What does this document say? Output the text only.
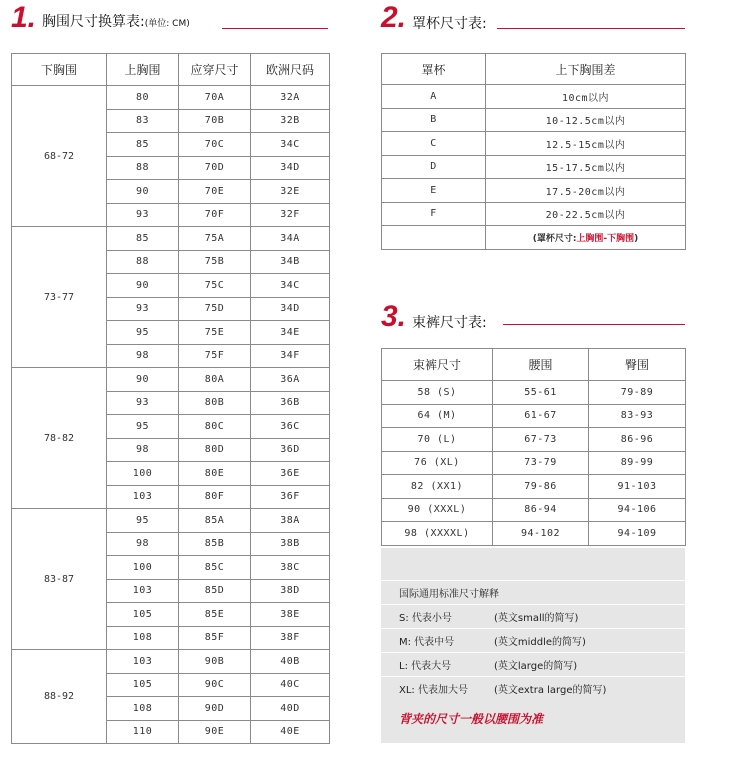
1. 胸围尺寸换算表:(单位: CM)
下胸围	上胸围	应穿尺寸	欧洲尺码
68-72	80	70A	32A
	83	70B	32B
	85	70C	34C
	88	70D	34D
	90	70E	32E
	93	70F	32F
73-77	85	75A	34A
	88	75B	34B
	90	75C	34C
	93	75D	34D
	95	75E	34E
	98	75F	34F
78-82	90	80A	36A
	93	80B	36B
	95	80C	36C
	98	80D	36D
	100	80E	36E
	103	80F	36F
83-87	95	85A	38A
	98	85B	38B
	100	85C	38C
	103	85D	38D
	105	85E	38E
	108	85F	38F
88-92	103	90B	40B
	105	90C	40C
	108	90D	40D
	110	90E	40E
2. 罩杯尺寸表:
罩杯	上下胸围差
A	10cm以内
B	10-12.5cm以内
C	12.5-15cm以内
D	15-17.5cm以内
E	17.5-20cm以内
F	20-22.5cm以内
	(罩杯尺寸:上胸围-下胸围)
3. 束裤尺寸表:
束裤尺寸	腰围	臀围
58 (S)	55-61	79-89
64 (M)	61-67	83-93
70 (L)	67-73	86-96
76 (XL)	73-79	89-99
82 (XX1)	79-86	91-103
90 (XXXL)	86-94	94-106
98 (XXXXL)	94-102	94-109
国际通用标准尺寸解释
S: 代表小号	(英文small的简写)
M: 代表中号	(英文middle的简写)
L: 代表大号	(英文large的简写)
XL: 代表加大号	(英文extra large的简写)
背夹的尺寸一般以腰围为准
